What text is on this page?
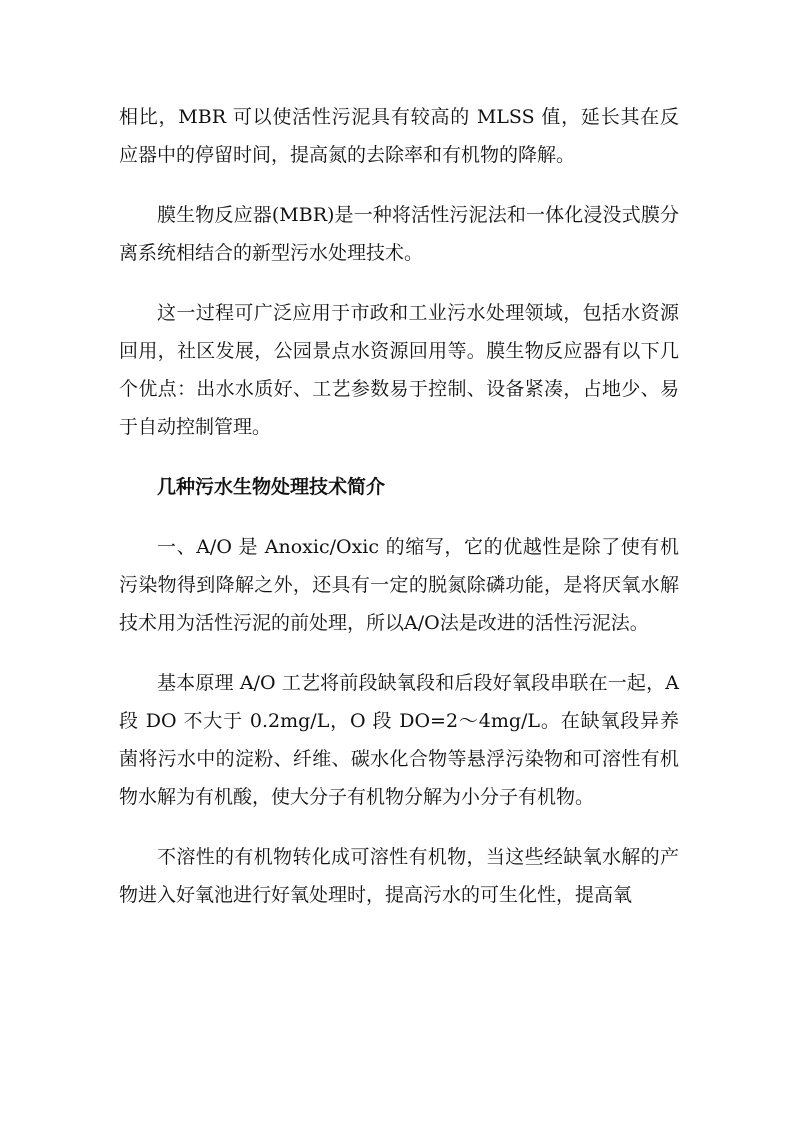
相比，MBR 可以使活性污泥具有较高的 MLSS 值，延长其在反应器中的停留时间，提高氮的去除率和有机物的降解。

膜生物反应器(MBR)是一种将活性污泥法和一体化浸没式膜分离系统相结合的新型污水处理技术。

这一过程可广泛应用于市政和工业污水处理领域，包括水资源回用，社区发展，公园景点水资源回用等。膜生物反应器有以下几个优点：出水水质好、工艺参数易于控制、设备紧凑，占地少、易于自动控制管理。

几种污水生物处理技术简介

一、A/O 是 Anoxic/Oxic 的缩写，它的优越性是除了使有机污染物得到降解之外，还具有一定的脱氮除磷功能，是将厌氧水解技术用为活性污泥的前处理，所以A/O法是改进的活性污泥法。

基本原理 A/O 工艺将前段缺氧段和后段好氧段串联在一起，A 段 DO 不大于 0.2mg/L，O 段 DO=2～4mg/L。在缺氧段异养菌将污水中的淀粉、纤维、碳水化合物等悬浮污染物和可溶性有机物水解为有机酸，使大分子有机物分解为小分子有机物。

不溶性的有机物转化成可溶性有机物，当这些经缺氧水解的产物进入好氧池进行好氧处理时，提高污水的可生化性，提高氧
